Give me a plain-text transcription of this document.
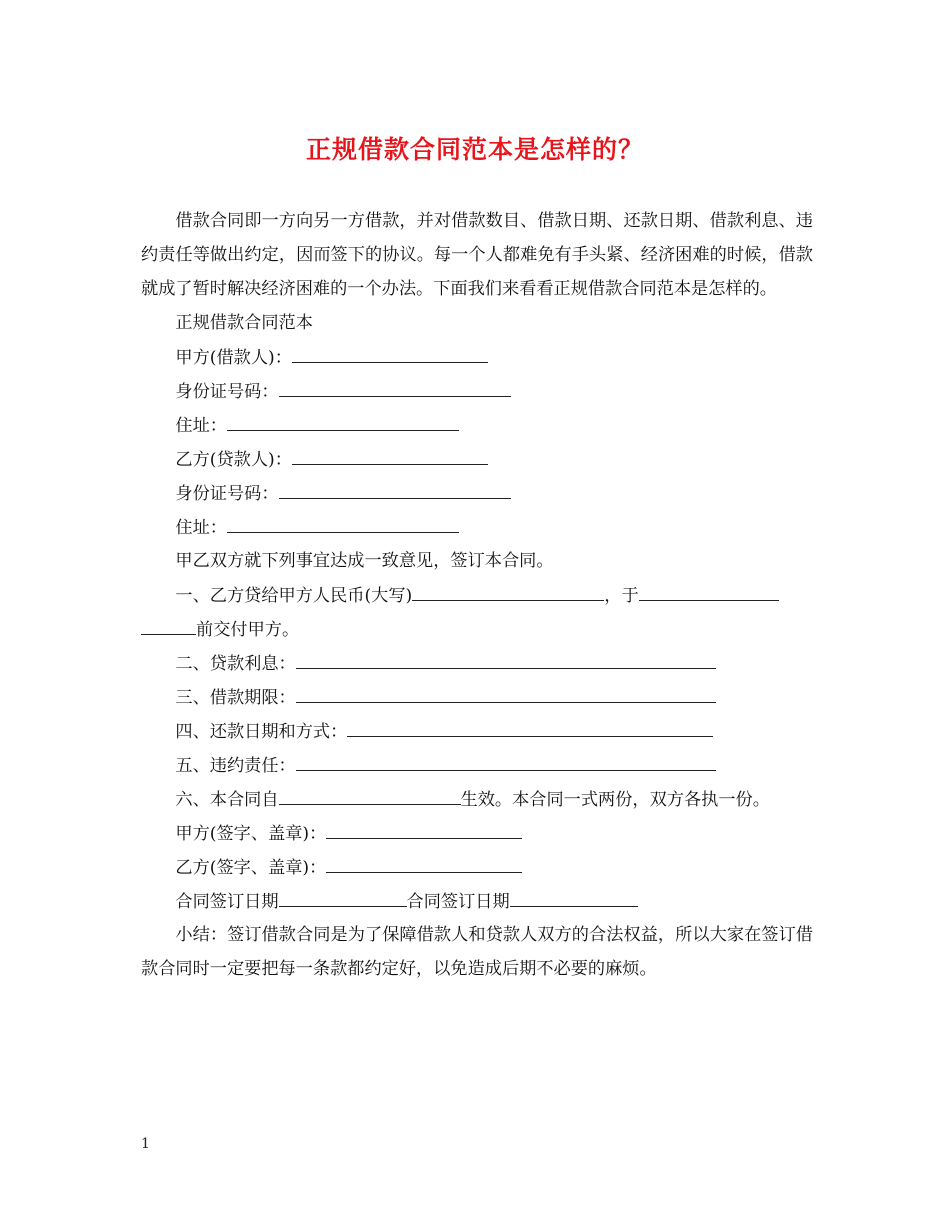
正规借款合同范本是怎样的？

借款合同即一方向另一方借款，并对借款数目、借款日期、还款日期、借款利息、违约责任等做出约定，因而签下的协议。每一个人都难免有手头紧、经济困难的时候，借款就成了暂时解决经济困难的一个办法。下面我们来看看正规借款合同范本是怎样的。

正规借款合同范本

甲方(借款人)：

身份证号码：

住址：

乙方(贷款人)：

身份证号码：

住址：

甲乙双方就下列事宜达成一致意见，签订本合同。

一、乙方贷给甲方人民币(大写)	，于

前交付甲方。

二、贷款利息：

三、借款期限：

四、还款日期和方式：

五、违约责任：

六、本合同自	生效。本合同一式两份，双方各执一份。

甲方(签字、盖章)：

乙方(签字、盖章)：

合同签订日期	合同签订日期

小结：签订借款合同是为了保障借款人和贷款人双方的合法权益，所以大家在签订借款合同时一定要把每一条款都约定好，以免造成后期不必要的麻烦。

1
